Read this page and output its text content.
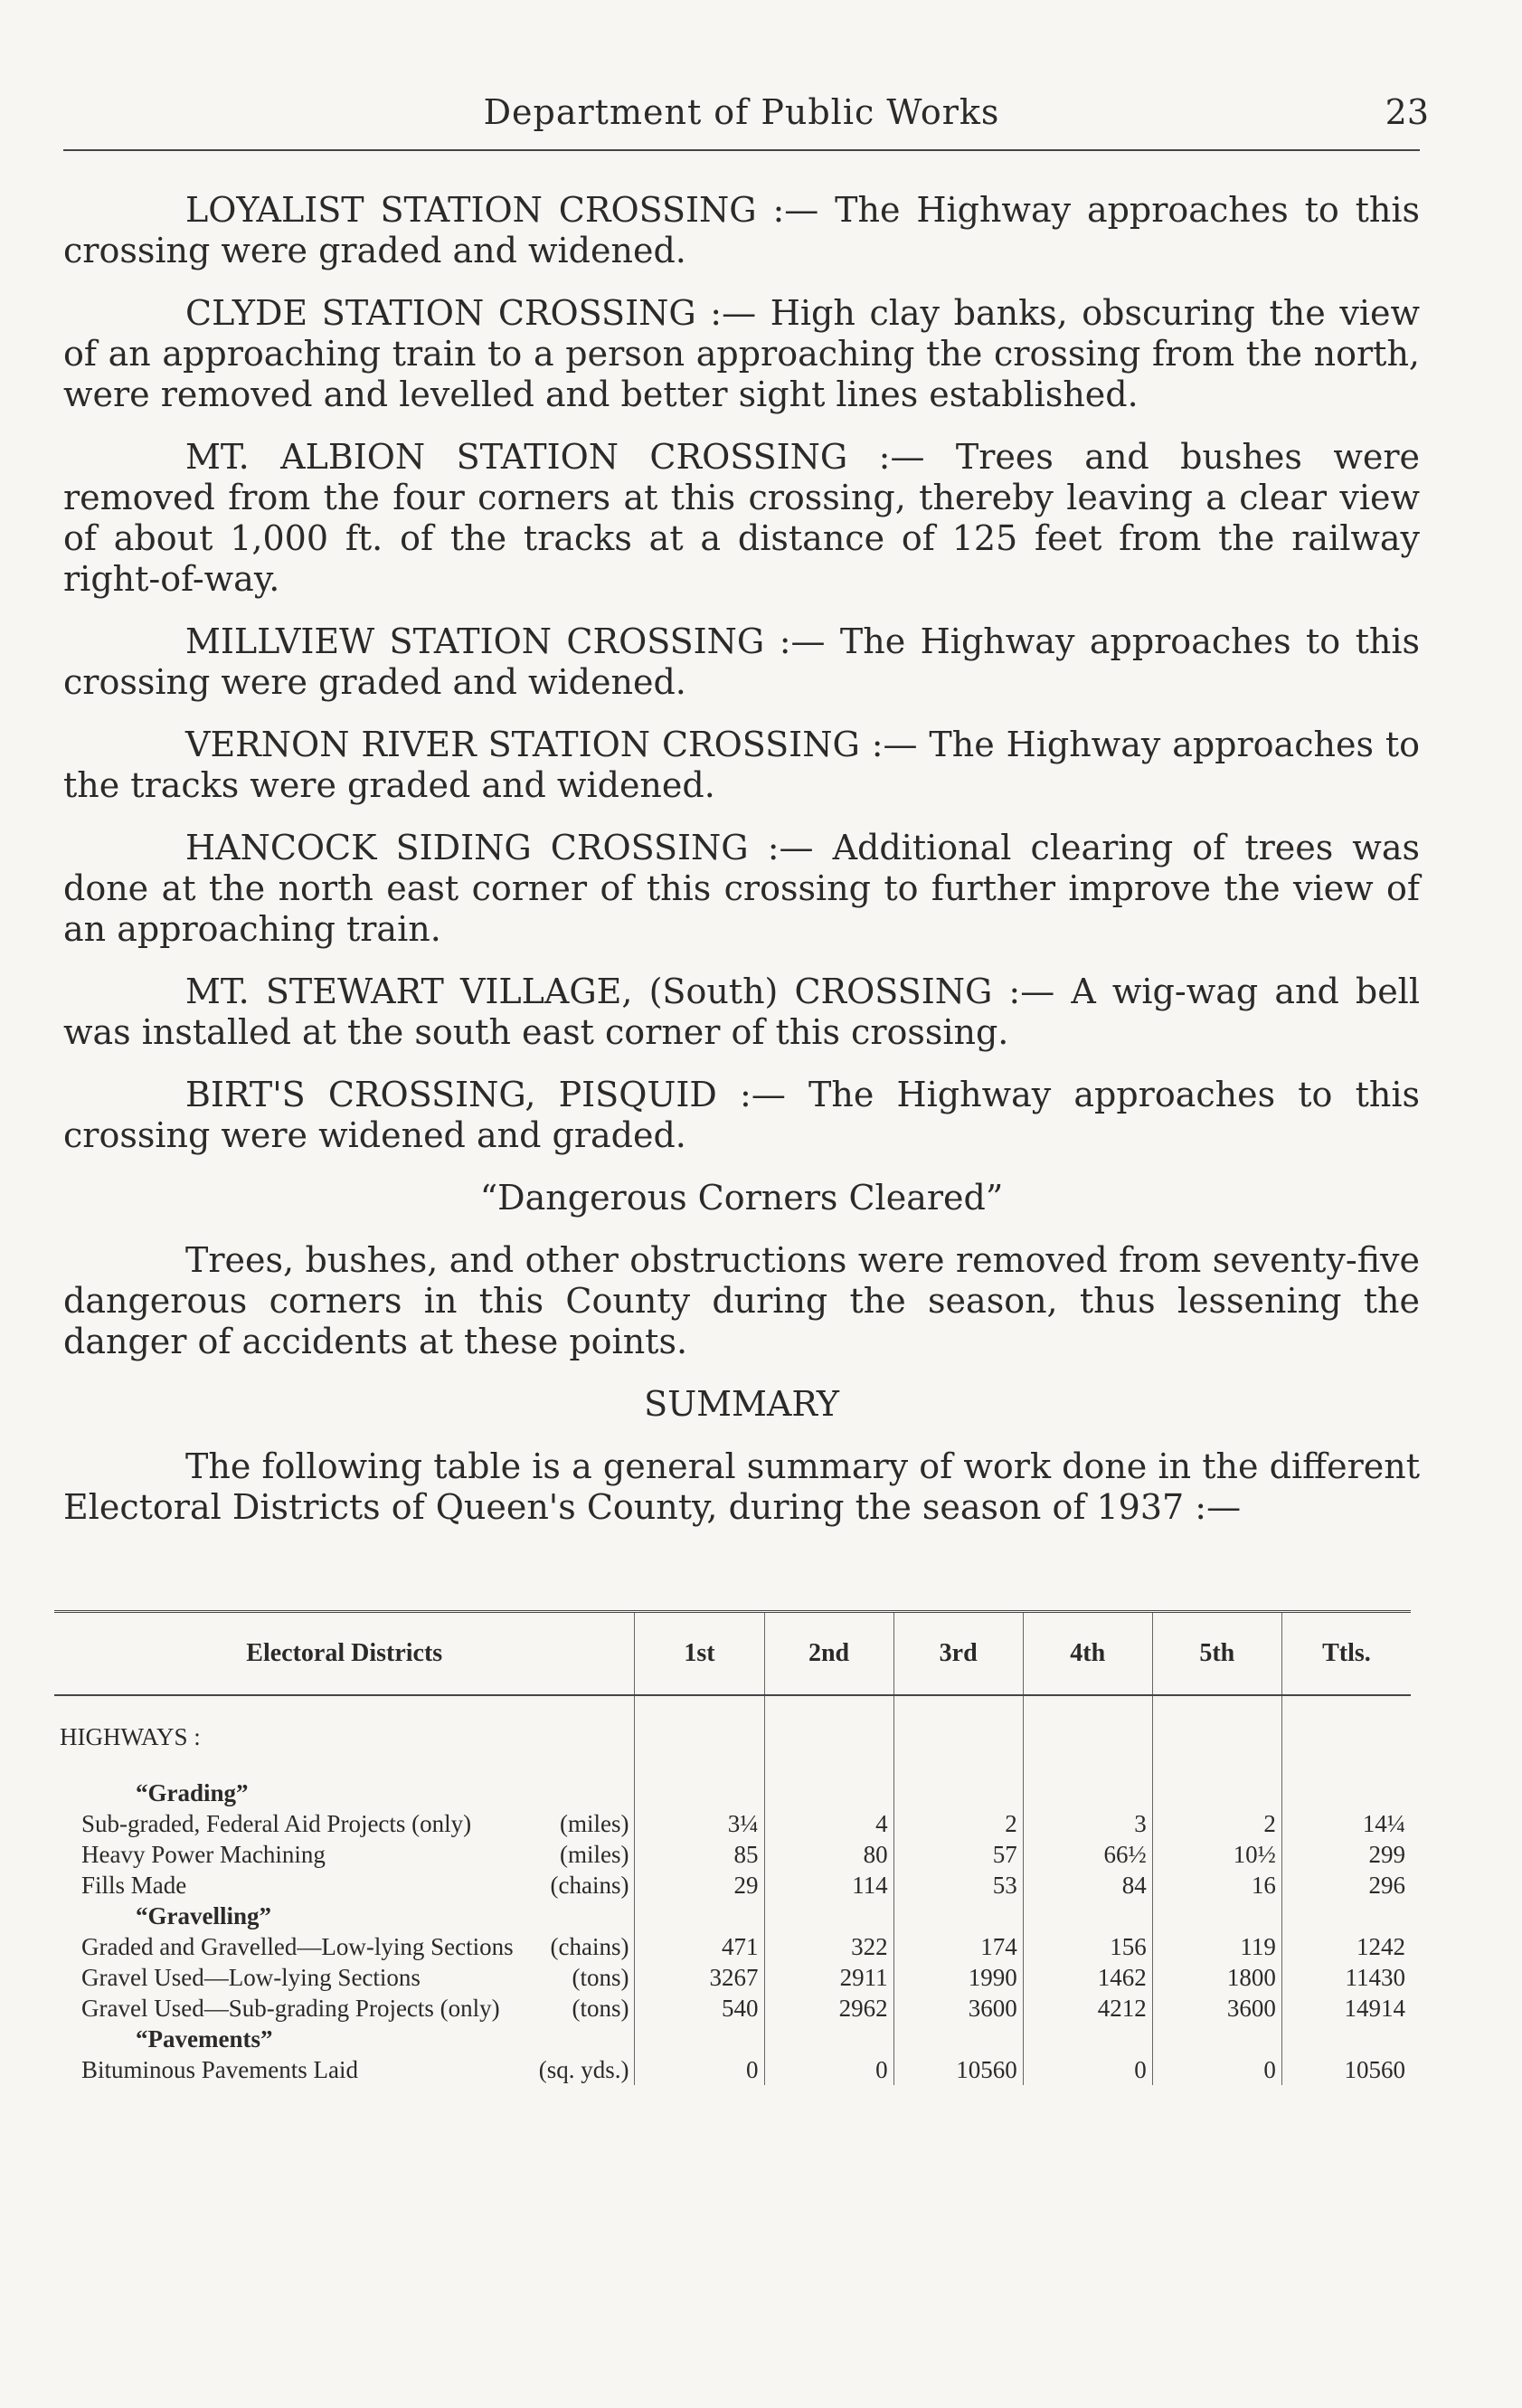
Department of Public Works	23

LOYALIST STATION CROSSING :— The Highway approaches to this crossing were graded and widened.

CLYDE STATION CROSSING :— High clay banks, obscuring the view of an approaching train to a person approaching the crossing from the north, were removed and levelled and better sight lines established.

MT. ALBION STATION CROSSING :— Trees and bushes were removed from the four corners at this crossing, thereby leaving a clear view of about 1,000 ft. of the tracks at a distance of 125 feet from the railway right-of-way.

MILLVIEW STATION CROSSING :— The Highway approaches to this crossing were graded and widened.

VERNON RIVER STATION CROSSING :— The Highway approaches to the tracks were graded and widened.

HANCOCK SIDING CROSSING :— Additional clearing of trees was done at the north east corner of this crossing to further improve the view of an approaching train.

MT. STEWART VILLAGE, (South) CROSSING :— A wig-wag and bell was installed at the south east corner of this crossing.

BIRT'S CROSSING, PISQUID :— The Highway approaches to this crossing were widened and graded.

“Dangerous Corners Cleared”

Trees, bushes, and other obstructions were removed from seventy-five dangerous corners in this County during the season, thus lessening the danger of accidents at these points.

SUMMARY

The following table is a general summary of work done in the different Electoral Districts of Queen's County, during the season of 1937 :—

Electoral Districts		1st	2nd	3rd	4th	5th	Ttls.
HIGHWAYS :							
“Grading”							
Sub-graded, Federal Aid Projects (only)	(miles)	3¼	4	2	3	2	14¼
Heavy Power Machining	(miles)	85	80	57	66½	10½	299
Fills Made	(chains)	29	114	53	84	16	296
“Gravelling”							
Graded and Gravelled—Low-lying Sections	(chains)	471	322	174	156	119	1242
Gravel Used—Low-lying Sections	(tons)	3267	2911	1990	1462	1800	11430
Gravel Used—Sub-grading Projects (only)	(tons)	540	2962	3600	4212	3600	14914
“Pavements”							
Bituminous Pavements Laid	(sq. yds.)	0	0	10560	0	0	10560
